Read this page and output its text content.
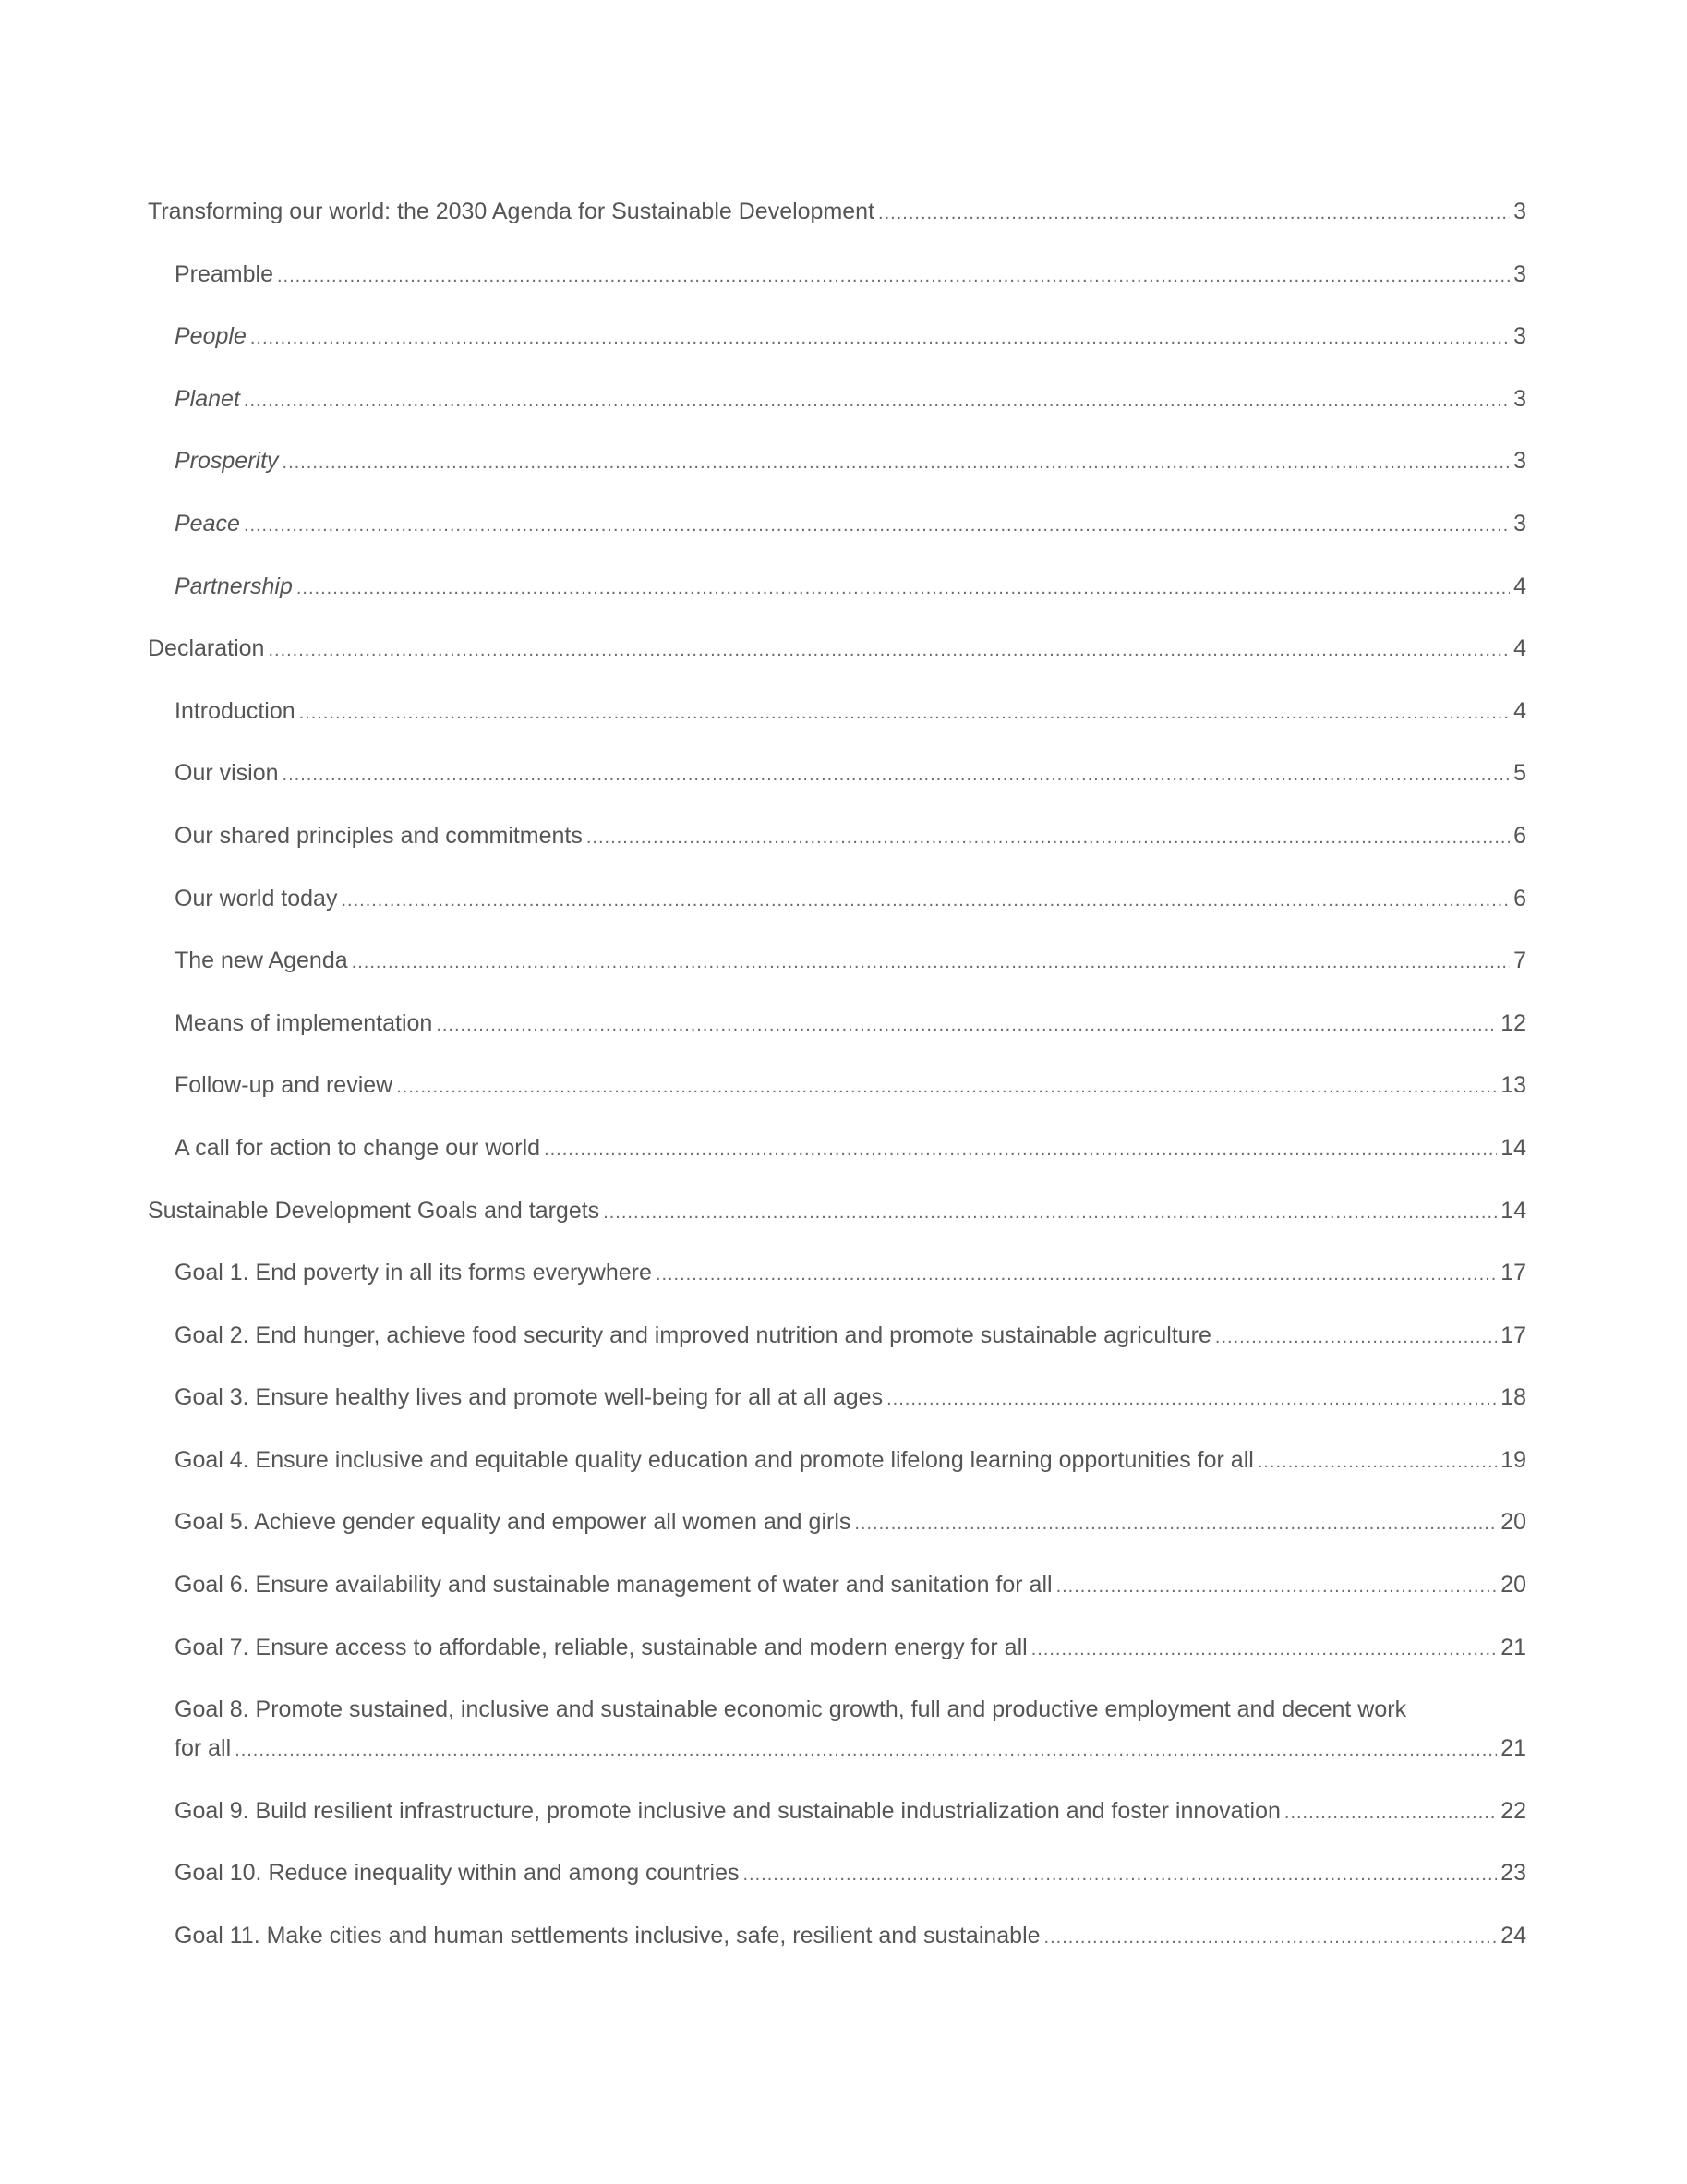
Transforming our world: the 2030 Agenda for Sustainable Development .....	3
Preamble .....	3
People .....	3
Planet .....	3
Prosperity .....	3
Peace .....	3
Partnership .....	4
Declaration .....	4
Introduction .....	4
Our vision .....	5
Our shared principles and commitments .....	6
Our world today .....	6
The new Agenda .....	7
Means of implementation .....	12
Follow-up and review .....	13
A call for action to change our world .....	14
Sustainable Development Goals and targets .....	14
Goal 1. End poverty in all its forms everywhere .....	17
Goal 2. End hunger, achieve food security and improved nutrition and promote sustainable agriculture .....	17
Goal 3. Ensure healthy lives and promote well-being for all at all ages .....	18
Goal 4. Ensure inclusive and equitable quality education and promote lifelong learning opportunities for all .....	19
Goal 5. Achieve gender equality and empower all women and girls .....	20
Goal 6. Ensure availability and sustainable management of water and sanitation for all .....	20
Goal 7. Ensure access to affordable, reliable, sustainable and modern energy for all .....	21
Goal 8. Promote sustained, inclusive and sustainable economic growth, full and productive employment and decent work
for all .....	21
Goal 9. Build resilient infrastructure, promote inclusive and sustainable industrialization and foster innovation .....	22
Goal 10. Reduce inequality within and among countries .....	23
Goal 11. Make cities and human settlements inclusive, safe, resilient and sustainable .....	24
